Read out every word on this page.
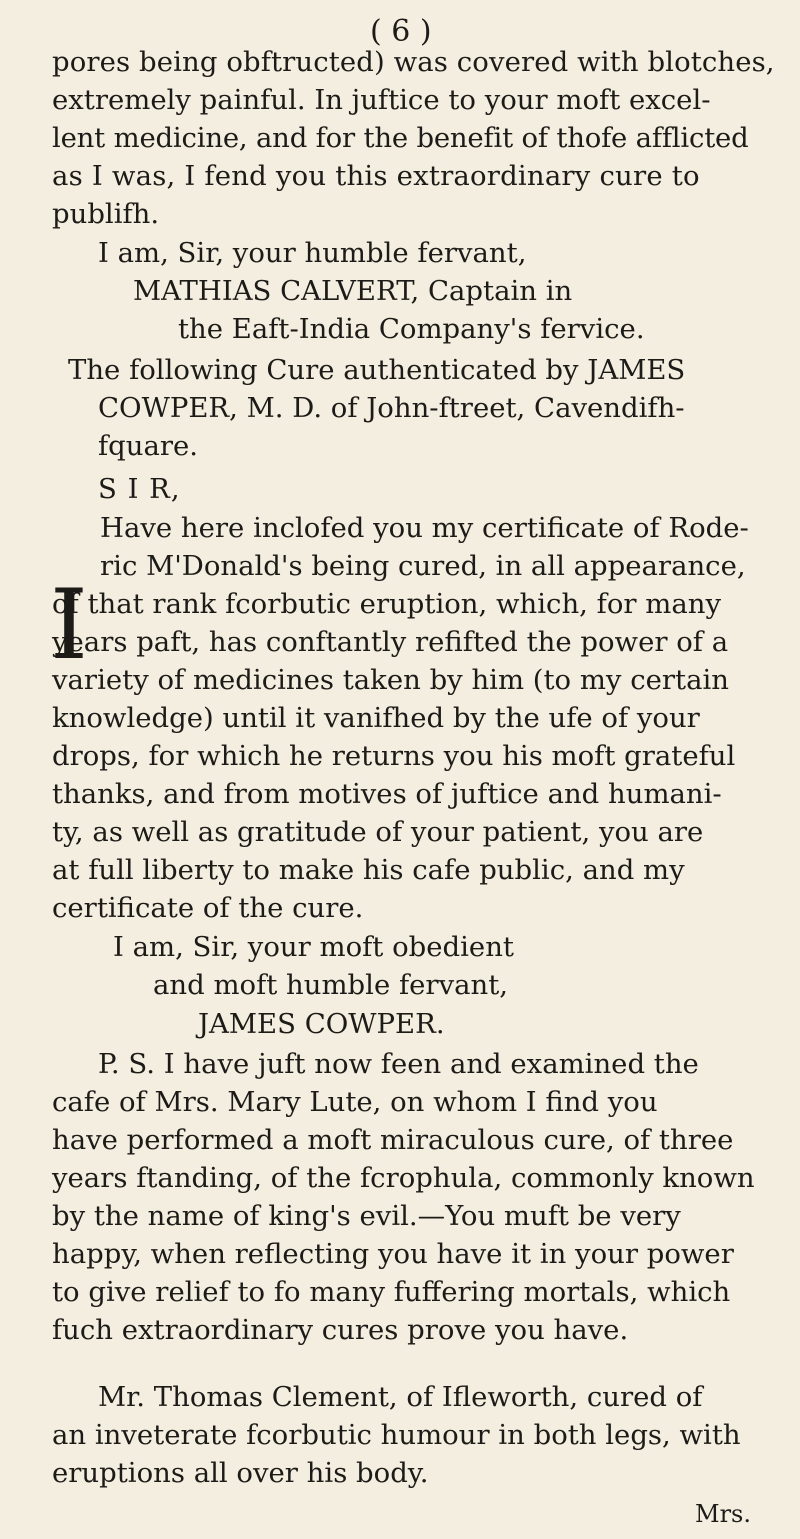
( 6 )
pores being obftructed) was covered with blotches,
extremely painful. In juftice to your moft excel-
lent medicine, and for the benefit of thofe afflicted
as I was, I fend you this extraordinary cure to
publifh.
I am, Sir, your humble fervant,
MATHIAS CALVERT, Captain in
the Eaft-India Company's fervice.
The following Cure authenticated by JAMES
COWPER, M. D. of John-ftreet, Cavendifh-
fquare.
S I R,
I
Have here inclofed you my certificate of Rode-
ric M'Donald's being cured, in all appearance,
of that rank fcorbutic eruption, which, for many
years paft, has conftantly refifted the power of a
variety of medicines taken by him (to my certain
knowledge) until it vanifhed by the ufe of your
drops, for which he returns you his moft grateful
thanks, and from motives of juftice and humani-
ty, as well as gratitude of your patient, you are
at full liberty to make his cafe public, and my
certificate of the cure.
I am, Sir, your moft obedient
and moft humble fervant,
JAMES COWPER.
P. S. I have juft now feen and examined the
cafe of Mrs. Mary Lute, on whom I find you
have performed a moft miraculous cure, of three
years ftanding, of the fcrophula, commonly known
by the name of king's evil.—You muft be very
happy, when reflecting you have it in your power
to give relief to fo many fuffering mortals, which
fuch extraordinary cures prove you have.
Mr. Thomas Clement, of Ifleworth, cured of
an inveterate fcorbutic humour in both legs, with
eruptions all over his body.
Mrs.
